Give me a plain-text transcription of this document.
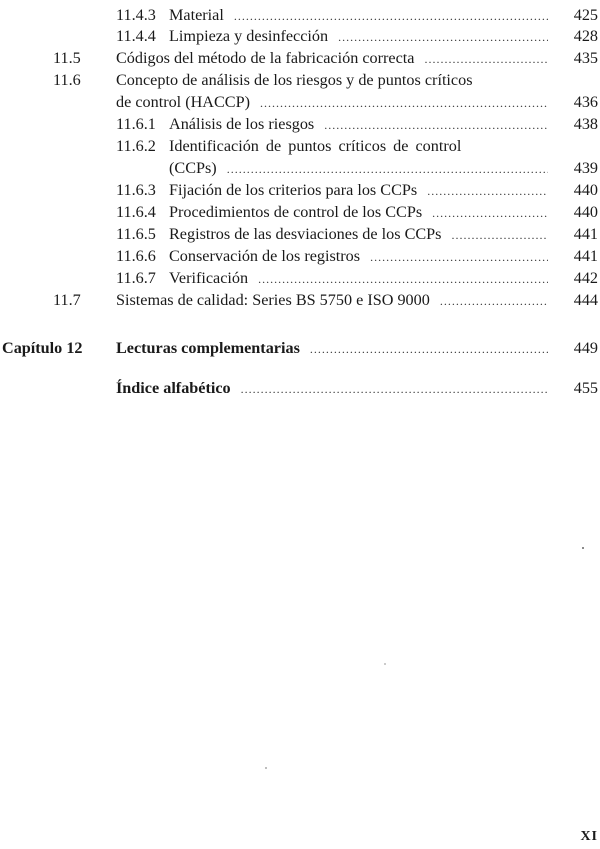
11.4.3 Material .....	425
11.4.4 Limpieza y desinfección .....	428
11.5 Códigos del método de la fabricación correcta .....	435
11.6 Concepto de análisis de los riesgos y de puntos críticos
de control (HACCP) .....	436
11.6.1 Análisis de los riesgos .....	438
11.6.2 Identificación de puntos críticos de control
(CCPs) .....	439
11.6.3 Fijación de los criterios para los CCPs .....	440
11.6.4 Procedimientos de control de los CCPs .....	440
11.6.5 Registros de las desviaciones de los CCPs .....	441
11.6.6 Conservación de los registros .....	441
11.6.7 Verificación .....	442
11.7 Sistemas de calidad: Series BS 5750 e ISO 9000 .....	444
Capítulo 12 Lecturas complementarias .....	449
Índice alfabético .....	455
XI
